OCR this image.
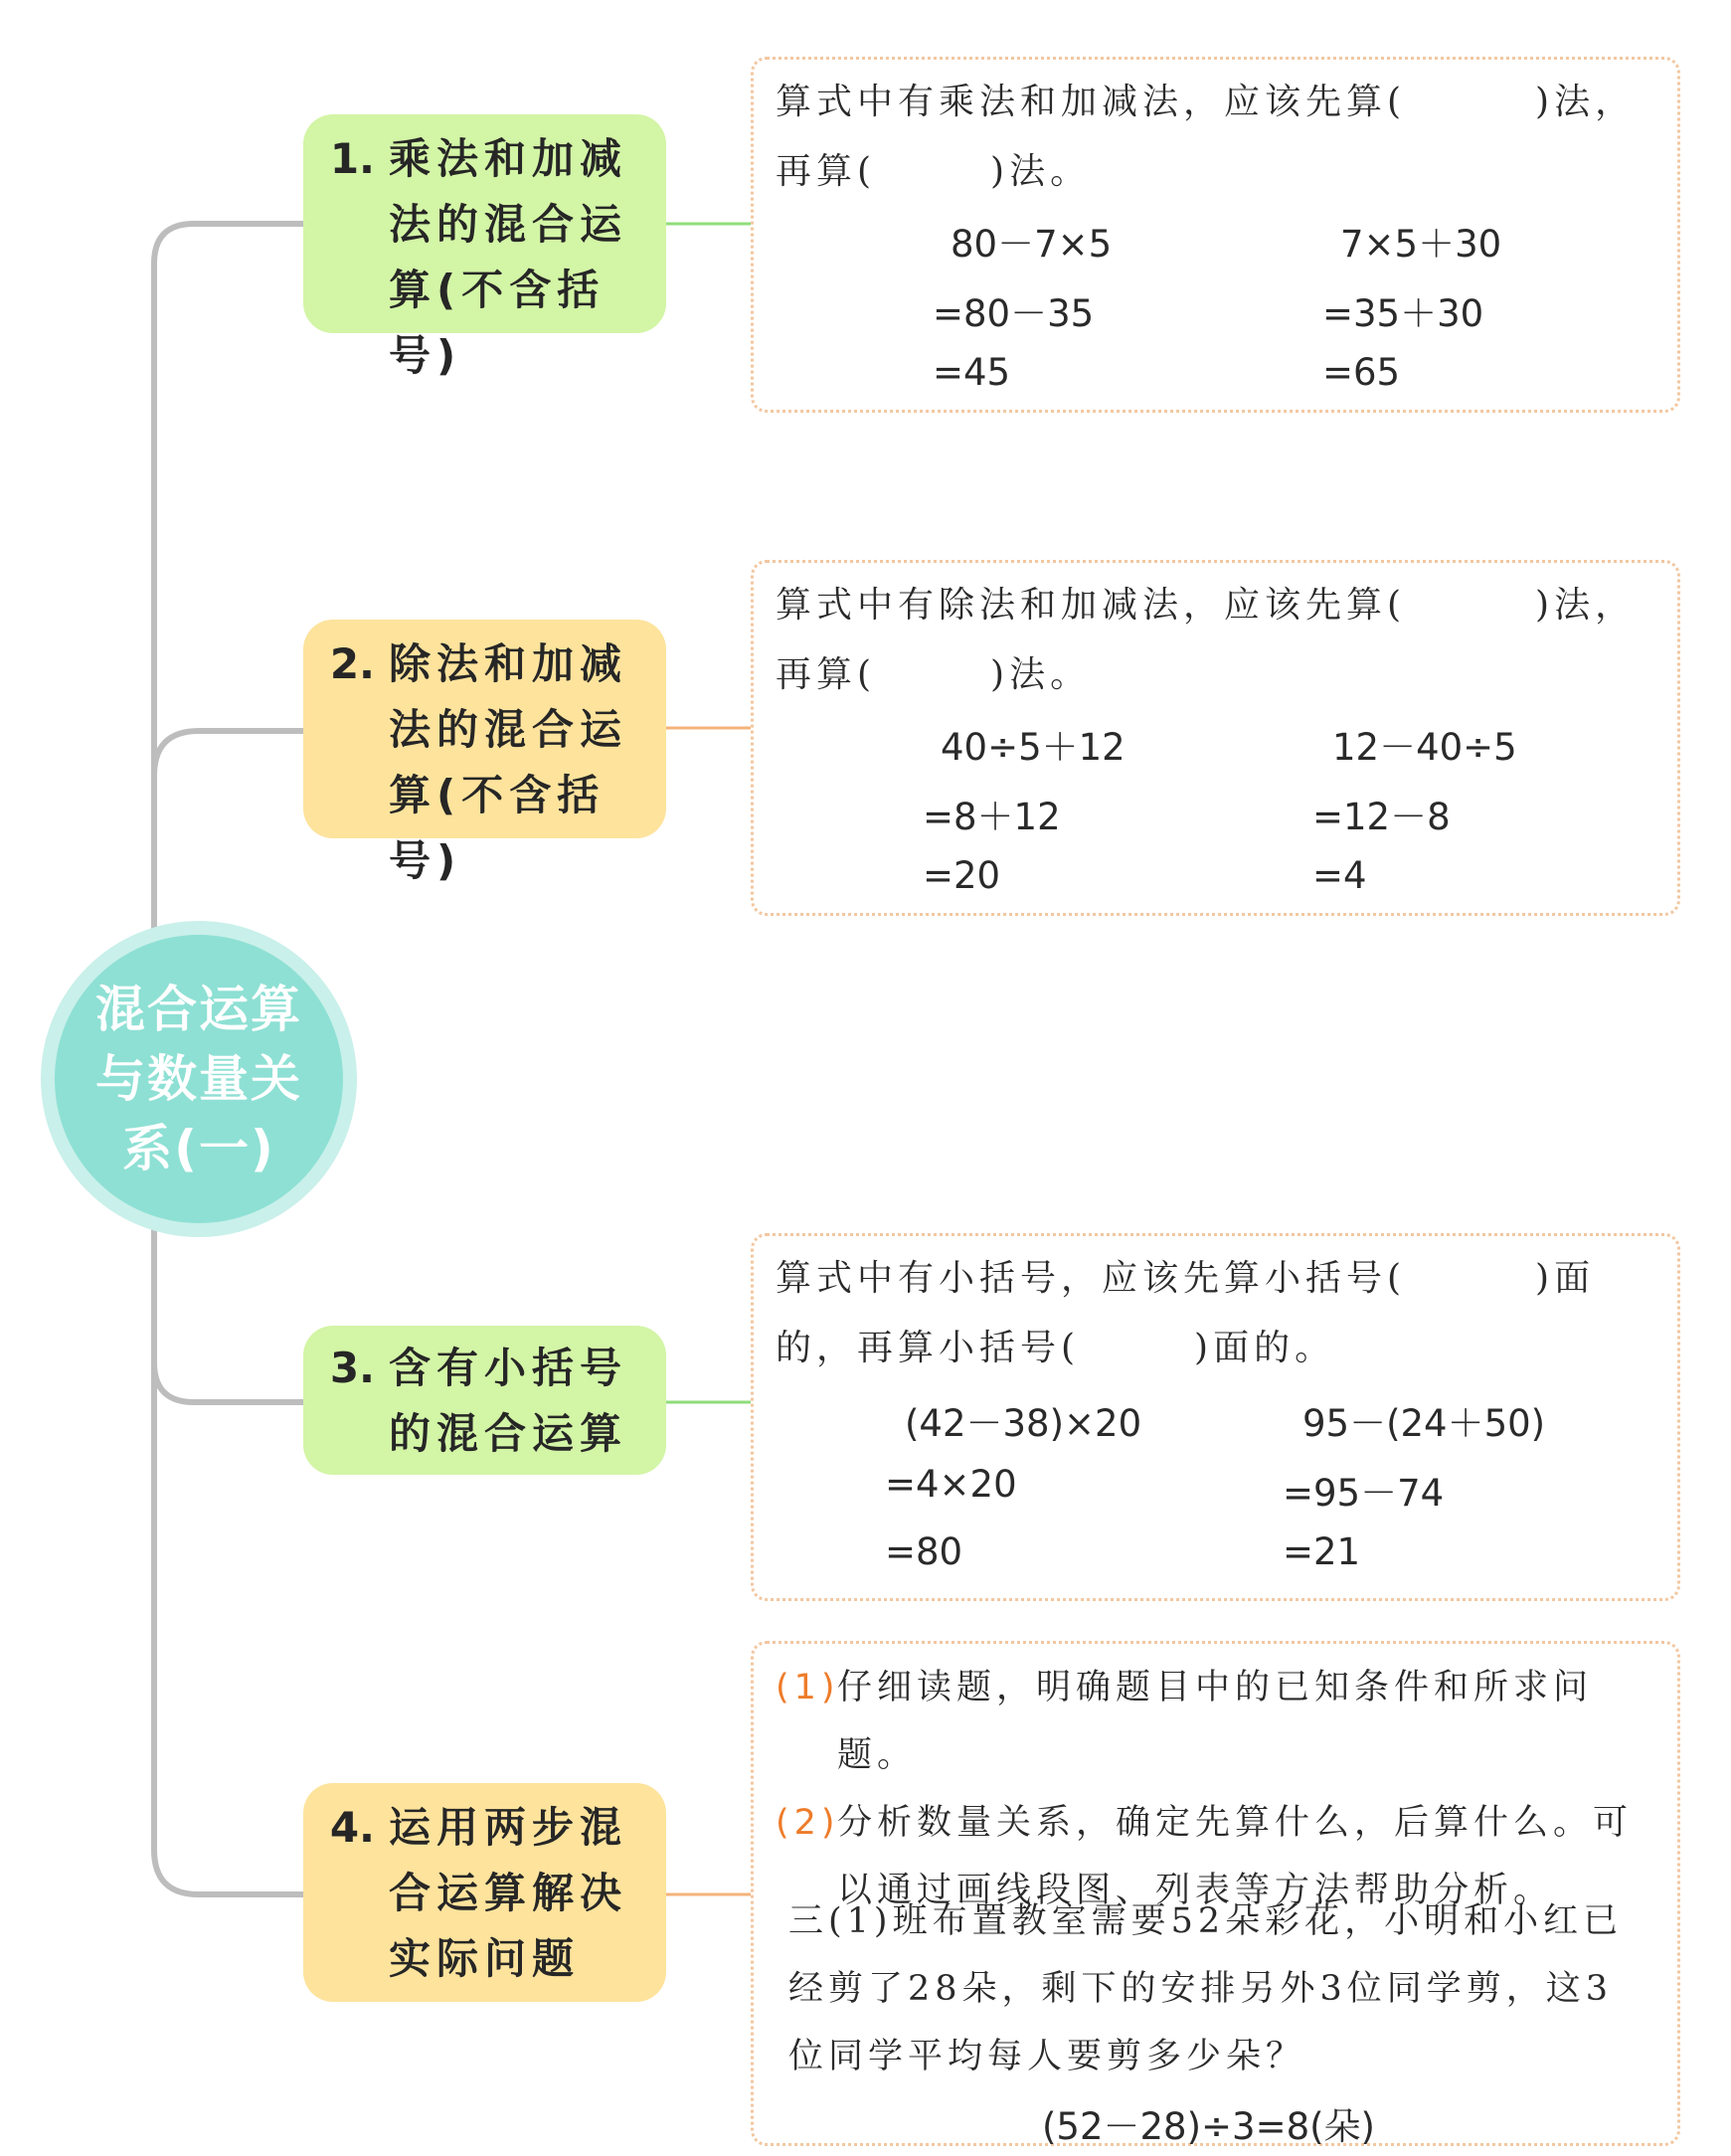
混合运算与数量关系(一)
1. 乘法和加减法的混合运算(不含括号)
算式中有乘法和加减法，应该先算(	)法，再算(	)法。
80－7×5
=80－35
=45
7×5＋30
=35＋30
=65
2. 除法和加减法的混合运算(不含括号)
算式中有除法和加减法，应该先算(	)法，再算(	)法。
40÷5＋12
=8＋12
=20
12－40÷5
=12－8
=4
3. 含有小括号的混合运算
算式中有小括号，应该先算小括号(	)面的，再算小括号(	)面的。
(42－38)×20
=4×20
=80
95－(24＋50)
=95－74
=21
4. 运用两步混合运算解决实际问题
(1)
仔细读题，明确题目中的已知条件和所求问题。
(2)
分析数量关系，确定先算什么，后算什么。可以通过画线段图、列表等方法帮助分析。
三(1)班布置教室需要52朵彩花，小明和小红已经剪了28朵，剩下的安排另外3位同学剪，这3位同学平均每人要剪多少朵？
(52－28)÷3=8(朵)
